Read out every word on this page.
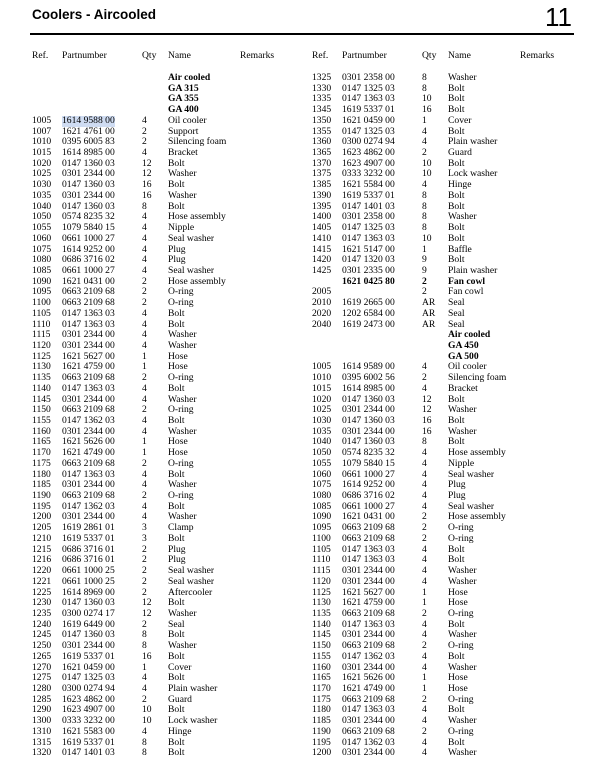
Coolers - Aircooled	11
Ref. Partnumber	Qty Name	Remarks
Air cooled
GA 315
GA 355
GA 400
1005 1614 9588 00	4 Oil cooler
1007 1621 4761 00	2 Support
1010 0395 6005 83	2 Silencing foam
1015 1614 8985 00	4 Bracket
1020 0147 1360 03	12 Bolt
1025 0301 2344 00	12 Washer
1030 0147 1360 03	16 Bolt
1035 0301 2344 00	16 Washer
1040 0147 1360 03	8 Bolt
1050 0574 8235 32	4 Hose assembly
1055 1079 5840 15	4 Nipple
1060 0661 1000 27	4 Seal washer
1075 1614 9252 00	4 Plug
1080 0686 3716 02	4 Plug
1085 0661 1000 27	4 Seal washer
1090 1621 0431 00	2 Hose assembly
1095 0663 2109 68	2 O-ring
1100 0663 2109 68	2 O-ring
1105 0147 1363 03	4 Bolt
1110 0147 1363 03	4 Bolt
1115 0301 2344 00	4 Washer
1120 0301 2344 00	4 Washer
1125 1621 5627 00	1 Hose
1130 1621 4759 00	1 Hose
1135 0663 2109 68	2 O-ring
1140 0147 1363 03	4 Bolt
1145 0301 2344 00	4 Washer
1150 0663 2109 68	2 O-ring
1155 0147 1362 03	4 Bolt
1160 0301 2344 00	4 Washer
1165 1621 5626 00	1 Hose
1170 1621 4749 00	1 Hose
1175 0663 2109 68	2 O-ring
1180 0147 1363 03	4 Bolt
1185 0301 2344 00	4 Washer
1190 0663 2109 68	2 O-ring
1195 0147 1362 03	4 Bolt
1200 0301 2344 00	4 Washer
1205 1619 2861 01	3 Clamp
1210 1619 5337 01	3 Bolt
1215 0686 3716 01	2 Plug
1216 0686 3716 01	2 Plug
1220 0661 1000 25	2 Seal washer
1221 0661 1000 25	2 Seal washer
1225 1614 8969 00	2 Aftercooler
1230 0147 1360 03	12 Bolt
1235 0300 0274 17	12 Washer
1240 1619 6449 00	2 Seal
1245 0147 1360 03	8 Bolt
1250 0301 2344 00	8 Washer
1265 1619 5337 01	16 Bolt
1270 1621 0459 00	1 Cover
1275 0147 1325 03	4 Bolt
1280 0300 0274 94	4 Plain washer
1285 1623 4862 00	2 Guard
1290 1623 4907 00	10 Bolt
1300 0333 3232 00	10 Lock washer
1310 1621 5583 00	4 Hinge
1315 1619 5337 01	8 Bolt
1320 0147 1401 03	8 Bolt
Ref. Partnumber	Qty Name	Remarks
1325 0301 2358 00	8 Washer
1330 0147 1325 03	8 Bolt
1335 0147 1363 03	10 Bolt
1345 1619 5337 01	16 Bolt
1350 1621 0459 00	1 Cover
1355 0147 1325 03	4 Bolt
1360 0300 0274 94	4 Plain washer
1365 1623 4862 00	2 Guard
1370 1623 4907 00	10 Bolt
1375 0333 3232 00	10 Lock washer
1385 1621 5584 00	4 Hinge
1390 1619 5337 01	8 Bolt
1395 0147 1401 03	8 Bolt
1400 0301 2358 00	8 Washer
1405 0147 1325 03	8 Bolt
1410 0147 1363 03	10 Bolt
1415 1621 5147 00	1 Baffle
1420 0147 1320 03	9 Bolt
1425 0301 2335 00	9 Plain washer
1621 0425 80	2 Fan cowl
2005	2 Fan cowl
2010 1619 2665 00	AR Seal
2020 1202 6584 00	AR Seal
2040 1619 2473 00	AR Seal
Air cooled
GA 450
GA 500
1005 1614 9589 00	4 Oil cooler
1010 0395 6002 56	2 Silencing foam
1015 1614 8985 00	4 Bracket
1020 0147 1360 03	12 Bolt
1025 0301 2344 00	12 Washer
1030 0147 1360 03	16 Bolt
1035 0301 2344 00	16 Washer
1040 0147 1360 03	8 Bolt
1050 0574 8235 32	4 Hose assembly
1055 1079 5840 15	4 Nipple
1060 0661 1000 27	4 Seal washer
1075 1614 9252 00	4 Plug
1080 0686 3716 02	4 Plug
1085 0661 1000 27	4 Seal washer
1090 1621 0431 00	2 Hose assembly
1095 0663 2109 68	2 O-ring
1100 0663 2109 68	2 O-ring
1105 0147 1363 03	4 Bolt
1110 0147 1363 03	4 Bolt
1115 0301 2344 00	4 Washer
1120 0301 2344 00	4 Washer
1125 1621 5627 00	1 Hose
1130 1621 4759 00	1 Hose
1135 0663 2109 68	2 O-ring
1140 0147 1363 03	4 Bolt
1145 0301 2344 00	4 Washer
1150 0663 2109 68	2 O-ring
1155 0147 1362 03	4 Bolt
1160 0301 2344 00	4 Washer
1165 1621 5626 00	1 Hose
1170 1621 4749 00	1 Hose
1175 0663 2109 68	2 O-ring
1180 0147 1363 03	4 Bolt
1185 0301 2344 00	4 Washer
1190 0663 2109 68	2 O-ring
1195 0147 1362 03	4 Bolt
1200 0301 2344 00	4 Washer
